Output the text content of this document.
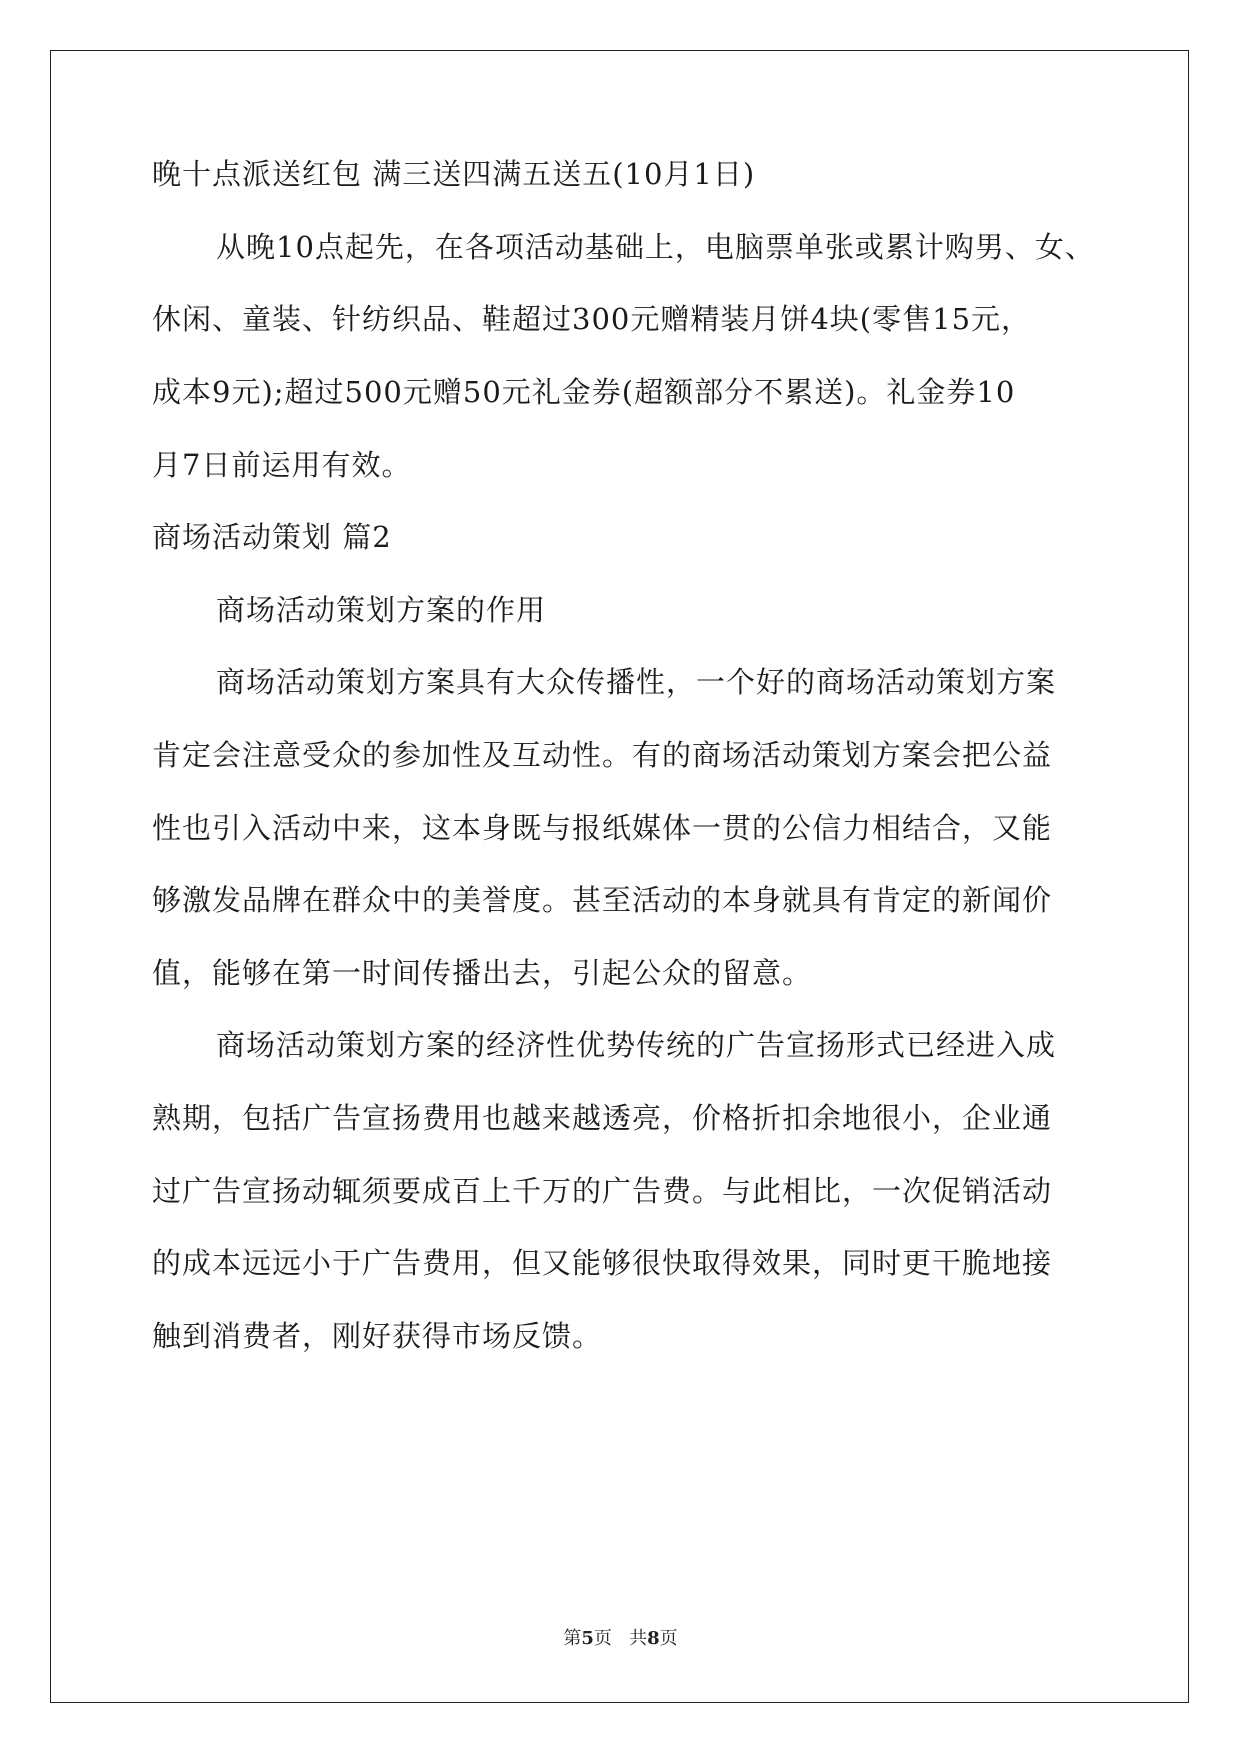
晚十点派送红包 满三送四满五送五(10月1日)
从晚10点起先，在各项活动基础上，电脑票单张或累计购男、女、
休闲、童装、针纺织品、鞋超过300元赠精装月饼4块(零售15元，
成本9元);超过500元赠50元礼金券(超额部分不累送)。礼金券10
月7日前运用有效。
商场活动策划 篇2
商场活动策划方案的作用
商场活动策划方案具有大众传播性，一个好的商场活动策划方案
肯定会注意受众的参加性及互动性。有的商场活动策划方案会把公益
性也引入活动中来，这本身既与报纸媒体一贯的公信力相结合，又能
够激发品牌在群众中的美誉度。甚至活动的本身就具有肯定的新闻价
值，能够在第一时间传播出去，引起公众的留意。
商场活动策划方案的经济性优势传统的广告宣扬形式已经进入成
熟期，包括广告宣扬费用也越来越透亮，价格折扣余地很小，企业通
过广告宣扬动辄须要成百上千万的广告费。与此相比，一次促销活动
的成本远远小于广告费用，但又能够很快取得效果，同时更干脆地接
触到消费者，刚好获得市场反馈。
第5页 共8页
